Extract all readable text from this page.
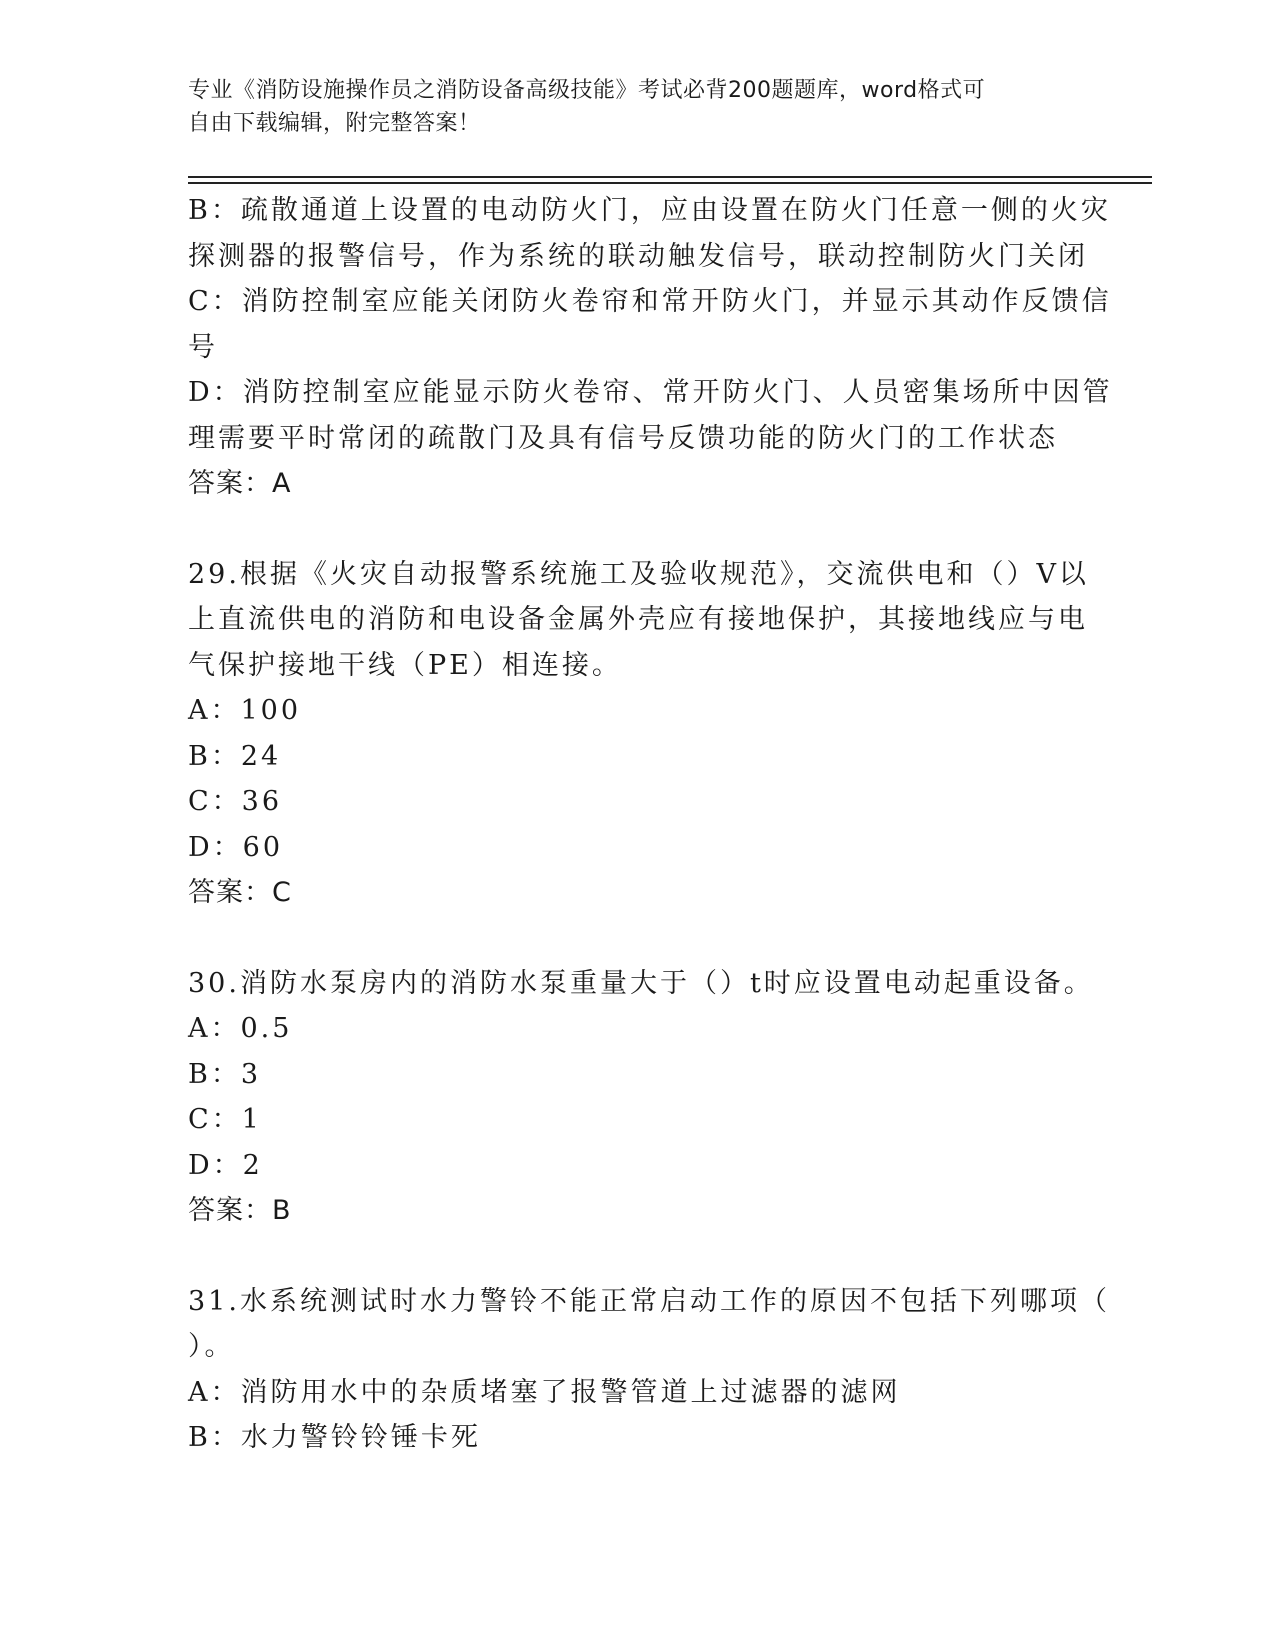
专业《消防设施操作员之消防设备高级技能》考试必背200题题库，word格式可
自由下载编辑，附完整答案！
B：疏散通道上设置的电动防火门，应由设置在防火门任意一侧的火灾
探测器的报警信号，作为系统的联动触发信号，联动控制防火门关闭
C：消防控制室应能关闭防火卷帘和常开防火门，并显示其动作反馈信
号
D：消防控制室应能显示防火卷帘、常开防火门、人员密集场所中因管
理需要平时常闭的疏散门及具有信号反馈功能的防火门的工作状态
答案：A
29.根据《火灾自动报警系统施工及验收规范》，交流供电和（）V以
上直流供电的消防和电设备金属外壳应有接地保护，其接地线应与电
气保护接地干线（PE）相连接。
A：100
B：24
C：36
D：60
答案：C
30.消防水泵房内的消防水泵重量大于（）t时应设置电动起重设备。
A：0.5
B：3
C：1
D：2
答案：B
31.水系统测试时水力警铃不能正常启动工作的原因不包括下列哪项（
）。
A：消防用水中的杂质堵塞了报警管道上过滤器的滤网
B：水力警铃铃锤卡死
